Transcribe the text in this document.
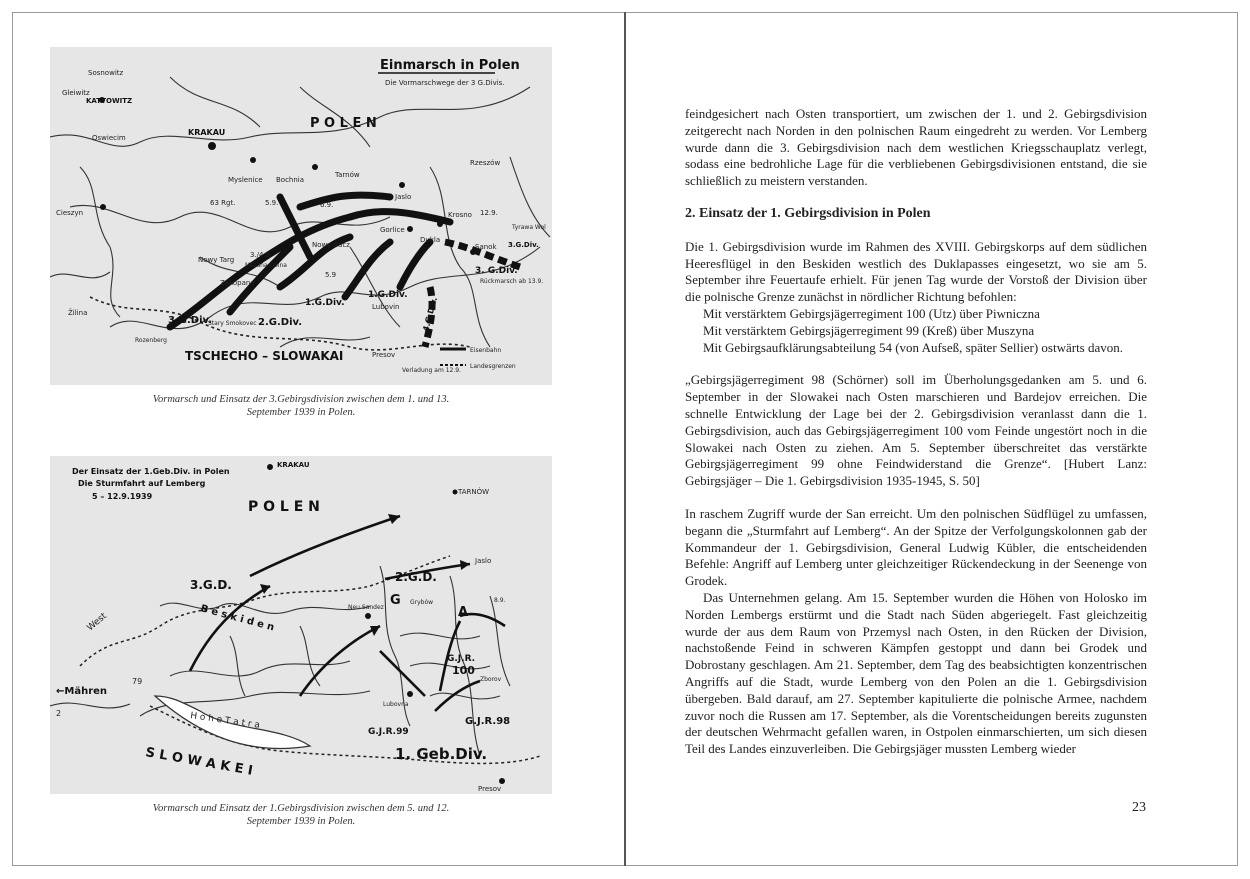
Einmarsch in Polen
Die Vormarschwege der 3 G.Divis.
Sosnowitz
Gleiwitz
KATTOWITZ
Oswiecim
KRAKAU
P O L E N
Tarnów
Rzeszów
Myslenice Bochnia
Jaslo
Krosno
63 Rgt.	5.9.	6.9.
3./4.9.
Mszana Dolna
Nowy Sacz
Gorlice
Dukla
12.9.
Tyrawa Wol
Sanok 3.G.Div.
3. G.Div.
Rückmarsch ab 13.9.
Cieszyn
Nowy Targ
Zakopane
5.9
3.G.Div.	2.G.Div.
1.G.Div.
1.G.Div.
4.G.Div.
Lubovin
Žilina
Stary Smokovec
Rozenberg
TSCHECHO – SLOWAKAI	Presov
Verladung am 12.9.
Eisenbahn
Landesgrenzen
Vormarsch und Einsatz der 3.Gebirgsdivision zwischen dem 1. und 13. September 1939 in Polen.
Der Einsatz der 1.Geb.Div. in Polen
Die Sturmfahrt auf Lemberg
5 – 12.9.1939
KRAKAU
TARNÓW
P O L E N
3.G.D.
2.G.D.
Jaslo
West	B e s k i d e n	Neu Sandez
Grybów
G
A
8.9.
←Mähren
79
2
G.J.R.
100
Lubovna
Zborov
G.J.R.99
G.J.R.98
1. Geb.Div.
H o h e T a t r a
S L O W A K E I
Presov
Vormarsch und Einsatz der 1.Gebirgsdivision zwischen dem 5. und 12. September 1939 in Polen.

feindgesichert nach Osten transportiert, um zwischen der 1. und 2. Gebirgsdivision zeitgerecht nach Norden in den polnischen Raum eingedreht zu werden. Vor Lemberg wurde dann die 3. Gebirgsdivision nach dem westlichen Kriegsschauplatz verlegt, sodass eine bedrohliche Lage für die verbliebenen Gebirgsdivisionen entstand, die sie schließlich zu meistern verstanden.

2. Einsatz der 1. Gebirgsdivision in Polen

Die 1. Gebirgsdivision wurde im Rahmen des XVIII. Gebirgskorps auf dem südlichen Heeresflügel in den Beskiden westlich des Duklapasses eingesetzt, wo sie am 5. September ihre Feuertaufe erhielt. Für jenen Tag wurde der Vorstoß der Division über die polnische Grenze zunächst in nördlicher Richtung befohlen:

Mit verstärktem Gebirgsjägerregiment 100 (Utz) über Piwniczna
Mit verstärktem Gebirgsjägerregiment 99 (Kreß) über Muszyna
Mit Gebirgsaufklärungsabteilung 54 (von Aufseß, später Sellier) ostwärts davon.

„Gebirgsjägerregiment 98 (Schörner) soll im Überholungsgedanken am 5. und 6. September in der Slowakei nach Osten marschieren und Bardejov erreichen. Die schnelle Entwicklung der Lage bei der 2. Gebirgsdivision veranlasst dann die 1. Gebirgsdivision, auch das Gebirgsjägerregiment 100 vom Feinde ungestört noch in die Slowakei nach Osten zu ziehen. Am 5. September überschreitet das verstärkte Gebirgsjägerregiment 99 ohne Feindwiderstand die Grenze“. [Hubert Lanz: Gebirgsjäger – Die 1. Gebirgsdivision 1935-1945, S. 50]

In raschem Zugriff wurde der San erreicht. Um den polnischen Südflügel zu umfassen, begann die „Sturmfahrt auf Lemberg“. An der Spitze der Verfolgungskolonnen gab der Kommandeur der 1. Gebirgsdivision, General Ludwig Kübler, die entscheidenden Befehle: Angriff auf Lemberg unter gleichzeitiger Rückendeckung in der Seenenge von Grodek.

Das Unternehmen gelang. Am 15. September wurden die Höhen von Holosko im Norden Lembergs erstürmt und die Stadt nach Süden abgeriegelt. Fast gleichzeitig wurde der aus dem Raum von Przemysl nach Osten, in den Rücken der Division, nachstoßende Feind in schweren Kämpfen gestoppt und dann bei Grodek und Dobrostany geschlagen. Am 21. September, dem Tag des beabsichtigten konzentrischen Angriffs auf die Stadt, wurde Lemberg von den Polen an die 1. Gebirgsdivision übergeben. Bald darauf, am 27. September kapitulierte die polnische Armee, nachdem zuvor noch die Russen am 17. September, als die Vorentscheidungen bereits zugunsten der deutschen Wehrmacht gefallen waren, in Ostpolen einmarschierten, um sich diesen Teil des Landes einzuverleiben. Die Gebirgsjäger mussten Lemberg wieder

23
